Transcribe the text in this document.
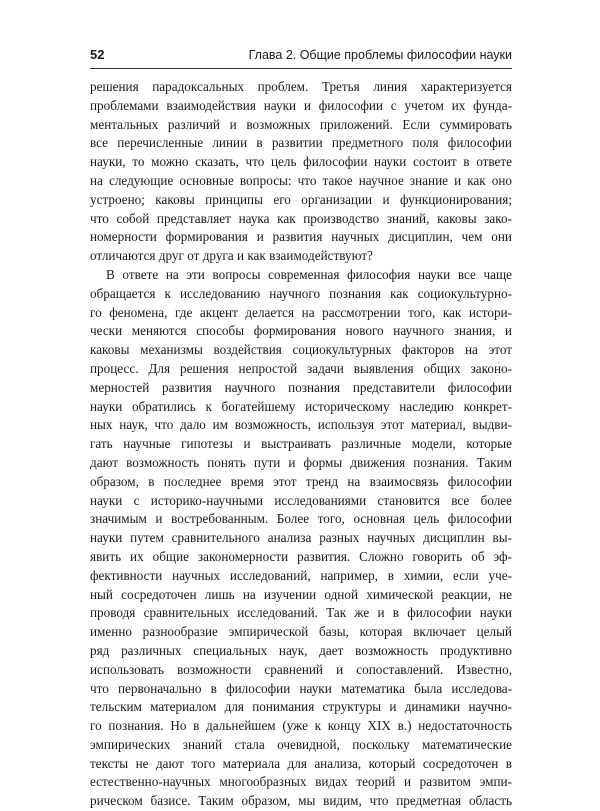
52	Глава 2. Общие проблемы философии науки
решения парадоксальных проблем. Третья линия характеризуется
проблемами взаимодействия науки и философии с учетом их фунда-
ментальных различий и возможных приложений. Если суммировать
все перечисленные линии в развитии предметного поля философии
науки, то можно сказать, что цель философии науки состоит в ответе
на следующие основные вопросы: что такое научное знание и как оно
устроено; каковы принципы его организации и функционирования;
что собой представляет наука как производство знаний, каковы зако-
номерности формирования и развития научных дисциплин, чем они
отличаются друг от друга и как взаимодействуют?
В ответе на эти вопросы современная философия науки все чаще
обращается к исследованию научного познания как социокультурно-
го феномена, где акцент делается на рассмотрении того, как истори-
чески меняются способы формирования нового научного знания, и
каковы механизмы воздействия социокультурных факторов на этот
процесс. Для решения непростой задачи выявления общих законо-
мерностей развития научного познания представители философии
науки обратились к богатейшему историческому наследию конкрет-
ных наук, что дало им возможность, используя этот материал, выдви-
гать научные гипотезы и выстраивать различные модели, которые
дают возможность понять пути и формы движения познания. Таким
образом, в последнее время этот тренд на взаимосвязь философии
науки с историко-научными исследованиями становится все более
значимым и востребованным. Более того, основная цель философии
науки путем сравнительного анализа разных научных дисциплин вы-
явить их общие закономерности развития. Сложно говорить об эф-
фективности научных исследований, например, в химии, если уче-
ный сосредоточен лишь на изучении одной химической реакции, не
проводя сравнительных исследований. Так же и в философии науки
именно разнообразие эмпирической базы, которая включает целый
ряд различных специальных наук, дает возможность продуктивно
использовать возможности сравнений и сопоставлений. Известно,
что первоначально в философии науки математика была исследова-
тельским материалом для понимания структуры и динамики научно-
го познания. Но в дальнейшем (уже к концу XIX в.) недостаточность
эмпирических знаний стала очевидной, поскольку математические
тексты не дают того материала для анализа, который сосредоточен в
естественно-научных многообразных видах теорий и развитом эмпи-
рическом базисе. Таким образом, мы видим, что предметная область
